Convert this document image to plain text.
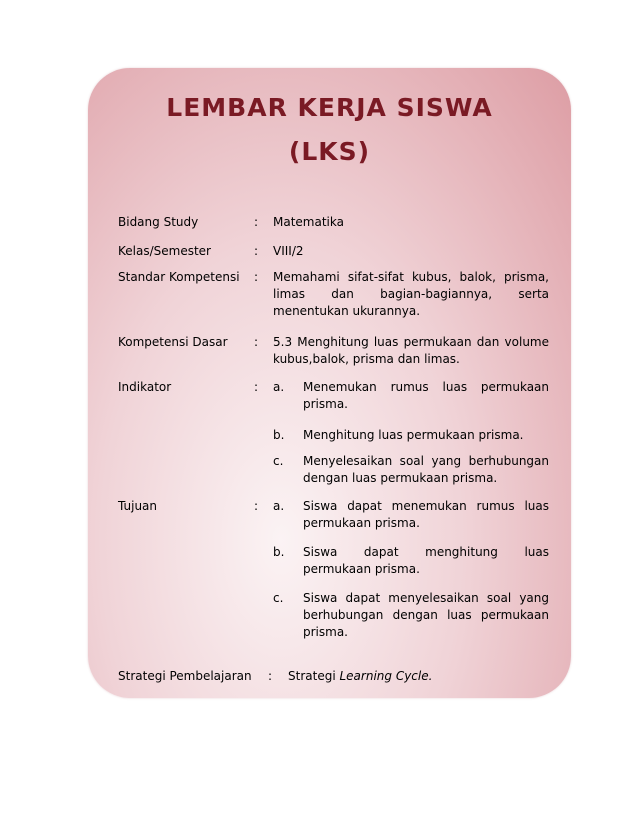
LEMBAR KERJA SISWA
(LKS)
Bidang Study	: Matematika
Kelas/Semester	: VIII/2
Standar Kompetensi : Memahami sifat-sifat kubus, balok, prisma, limas dan bagian-bagiannya, serta menentukan ukurannya.
Kompetensi Dasar : 5.3 Menghitung luas permukaan dan volume kubus,balok, prisma dan limas.
Indikator	: a. Menemukan rumus luas permukaan prisma.
b. Menghitung luas permukaan prisma.
c. Menyelesaikan soal yang berhubungan dengan luas permukaan prisma.
Tujuan	: a. Siswa dapat menemukan rumus luas permukaan prisma.
b. Siswa dapat menghitung luas permukaan prisma.
c. Siswa dapat menyelesaikan soal yang berhubungan dengan luas permukaan prisma.
Strategi Pembelajaran : Strategi Learning Cycle.
